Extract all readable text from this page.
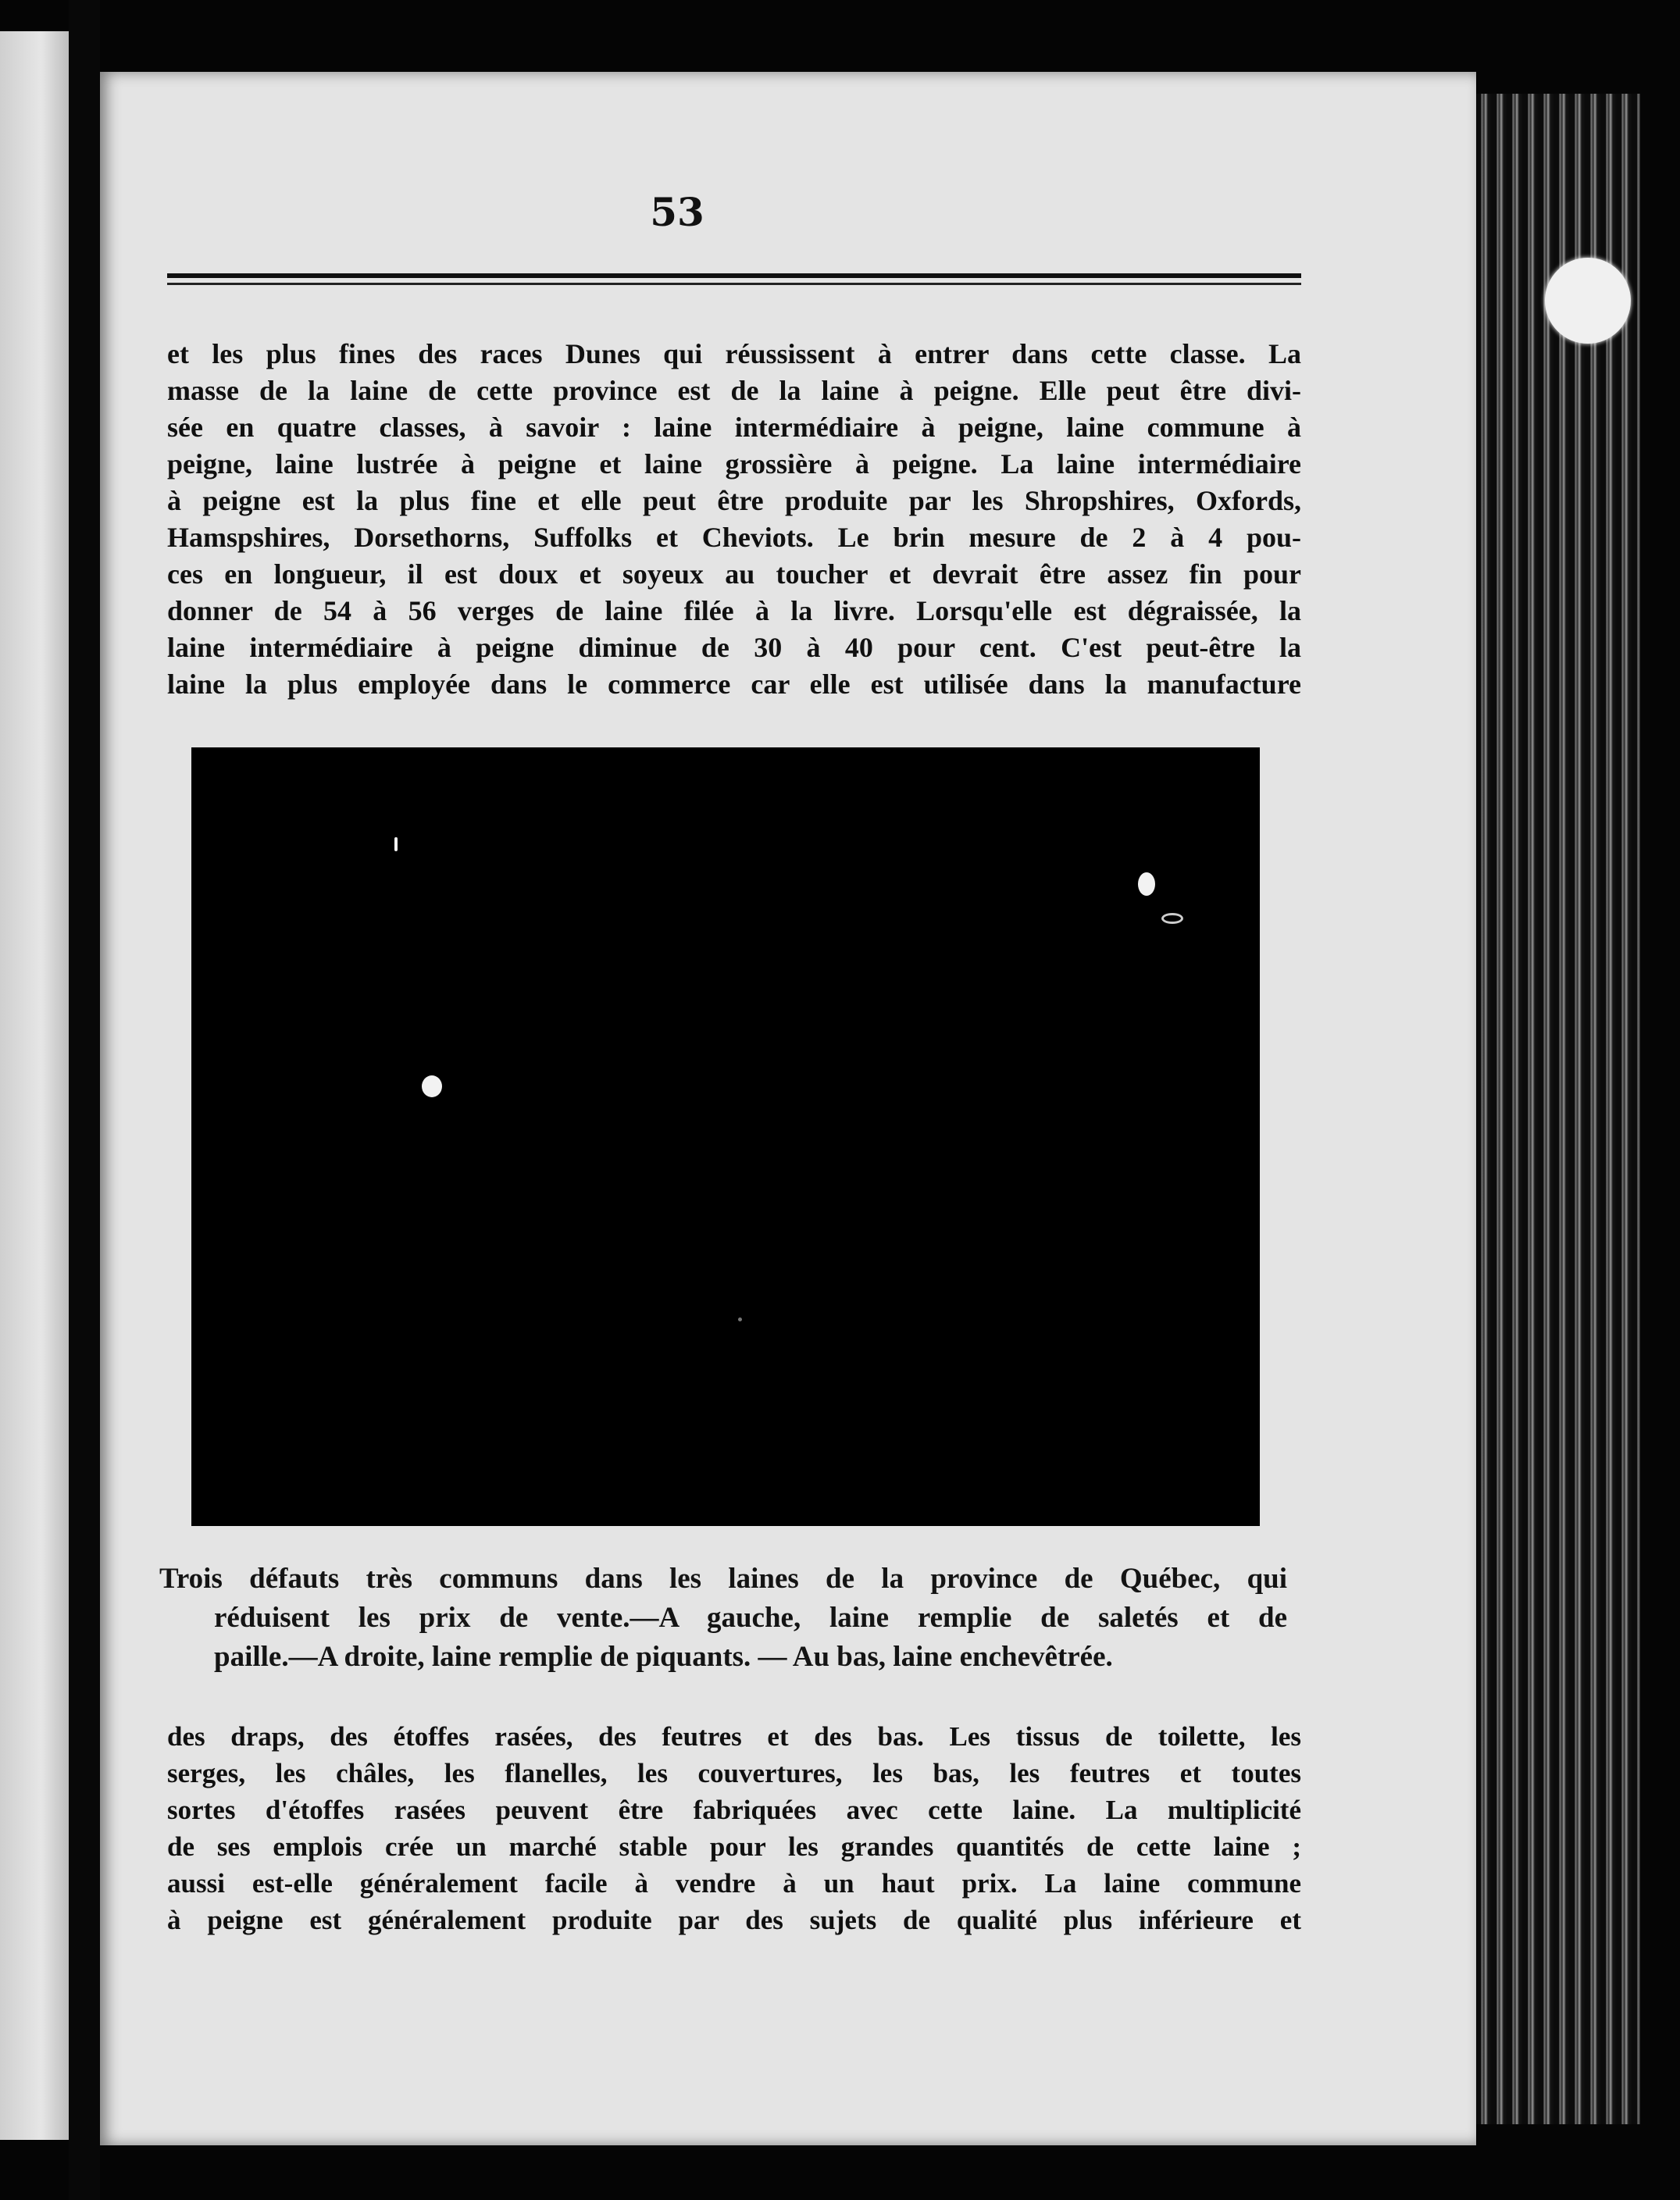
53
et les plus fines des races Dunes qui réussissent à entrer dans cette classe. La
masse de la laine de cette province est de la laine à peigne. Elle peut être divi-
sée en quatre classes, à savoir : laine intermédiaire à peigne, laine commune à
peigne, laine lustrée à peigne et laine grossière à peigne. La laine intermédiaire
à peigne est la plus fine et elle peut être produite par les Shropshires, Oxfords,
Hamspshires, Dorsethorns, Suffolks et Cheviots. Le brin mesure de 2 à 4 pou-
ces en longueur, il est doux et soyeux au toucher et devrait être assez fin pour
donner de 54 à 56 verges de laine filée à la livre. Lorsqu'elle est dégraissée, la
laine intermédiaire à peigne diminue de 30 à 40 pour cent. C'est peut-être la
laine la plus employée dans le commerce car elle est utilisée dans la manufacture
Trois défauts très communs dans les laines de la province de Québec, qui
réduisent les prix de vente.—A gauche, laine remplie de saletés et de
paille.—A droite, laine remplie de piquants. — Au bas, laine enchevêtrée.
des draps, des étoffes rasées, des feutres et des bas. Les tissus de toilette, les
serges, les châles, les flanelles, les couvertures, les bas, les feutres et toutes
sortes d'étoffes rasées peuvent être fabriquées avec cette laine. La multiplicité
de ses emplois crée un marché stable pour les grandes quantités de cette laine ;
aussi est-elle généralement facile à vendre à un haut prix. La laine commune
à peigne est généralement produite par des sujets de qualité plus inférieure et
